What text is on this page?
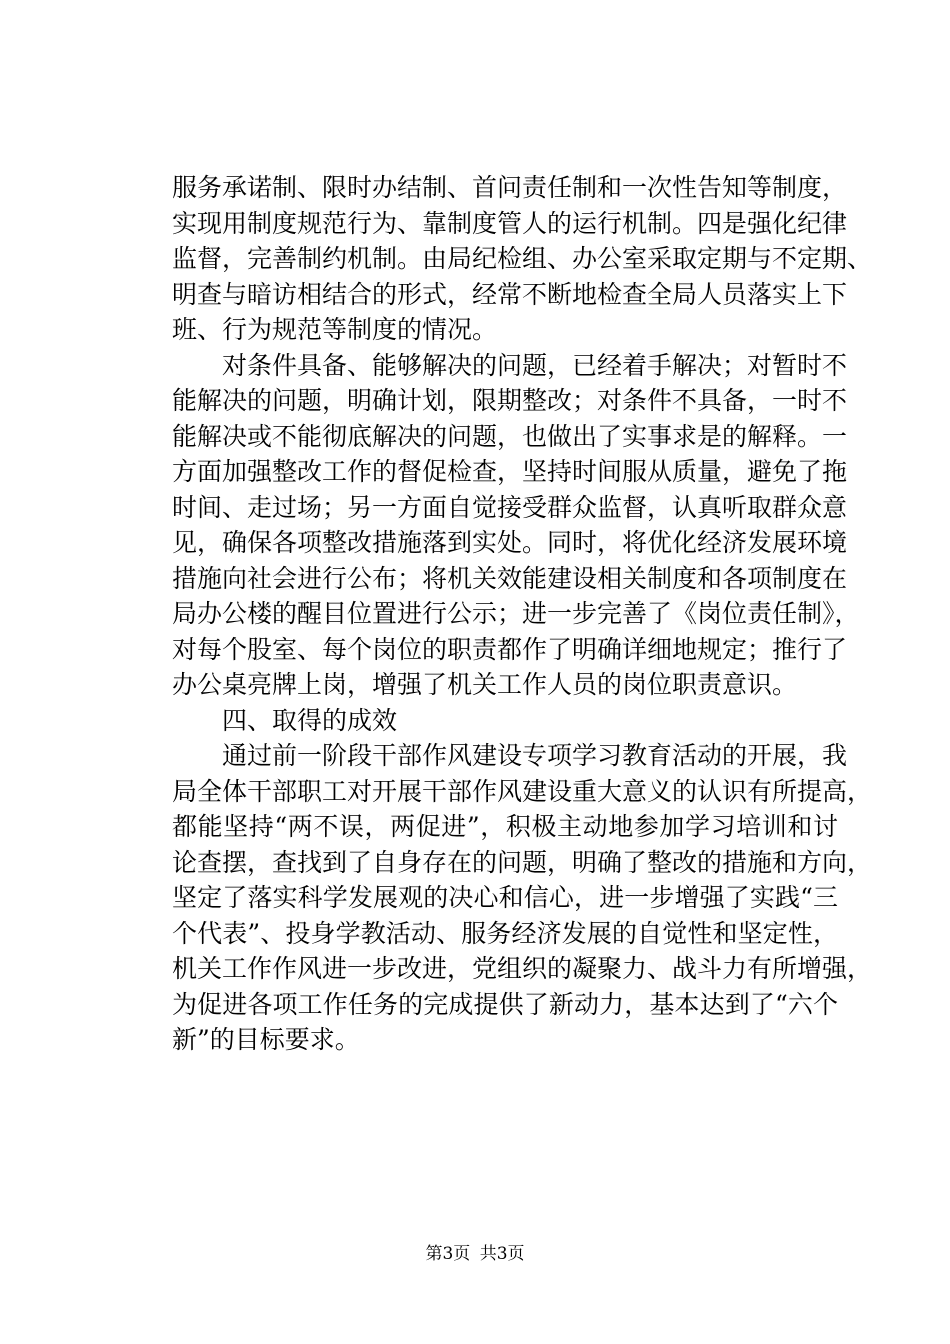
服务承诺制、限时办结制、首问责任制和一次性告知等制度，
实现用制度规范行为、靠制度管人的运行机制。四是强化纪律
监督，完善制约机制。由局纪检组、办公室采取定期与不定期、
明查与暗访相结合的形式，经常不断地检查全局人员落实上下
班、行为规范等制度的情况。
　　对条件具备、能够解决的问题，已经着手解决；对暂时不
能解决的问题，明确计划，限期整改；对条件不具备，一时不
能解决或不能彻底解决的问题，也做出了实事求是的解释。一
方面加强整改工作的督促检查，坚持时间服从质量，避免了拖
时间、走过场；另一方面自觉接受群众监督，认真听取群众意
见，确保各项整改措施落到实处。同时，将优化经济发展环境
措施向社会进行公布；将机关效能建设相关制度和各项制度在
局办公楼的醒目位置进行公示；进一步完善了《岗位责任制》，
对每个股室、每个岗位的职责都作了明确详细地规定；推行了
办公桌亮牌上岗，增强了机关工作人员的岗位职责意识。
　　四、取得的成效
　　通过前一阶段干部作风建设专项学习教育活动的开展，我
局全体干部职工对开展干部作风建设重大意义的认识有所提高，
都能坚持“两不误，两促进”，积极主动地参加学习培训和讨
论查摆，查找到了自身存在的问题，明确了整改的措施和方向，
坚定了落实科学发展观的决心和信心，进一步增强了实践“三
个代表”、投身学教活动、服务经济发展的自觉性和坚定性，
机关工作作风进一步改进，党组织的凝聚力、战斗力有所增强，
为促进各项工作任务的完成提供了新动力，基本达到了“六个
新”的目标要求。
第3页 共3页
